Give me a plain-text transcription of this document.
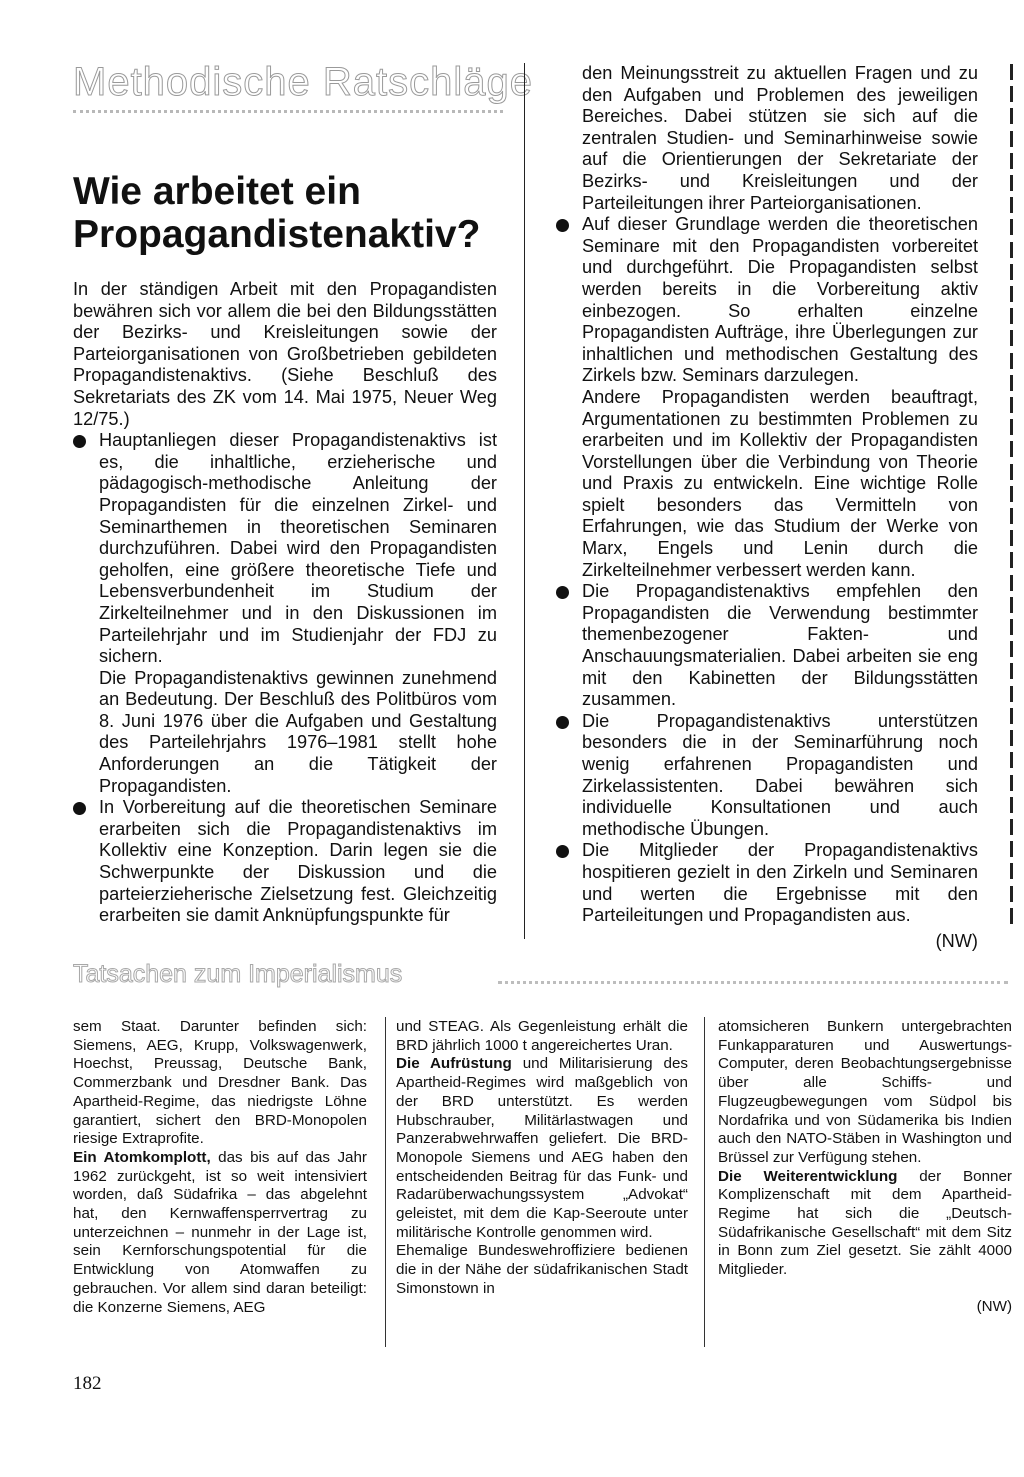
Methodische Ratschläge
Wie arbeitet ein Propagandistenaktiv?

In der ständigen Arbeit mit den Propagandisten bewähren sich vor allem die bei den Bildungsstätten der Bezirks- und Kreisleitungen sowie der Parteiorganisationen von Großbetrieben gebildeten Propagandistenaktivs. (Siehe Beschluß des Sekretariats des ZK vom 14. Mai 1975, Neuer Weg 12/75.)

Hauptanliegen dieser Propagandistenaktivs ist es, die inhaltliche, erzieherische und pädagogisch-methodische Anleitung der Propagandisten für die einzelnen Zirkel- und Seminarthemen in theoretischen Seminaren durchzuführen. Dabei wird den Propagandisten geholfen, eine größere theoretische Tiefe und Lebensverbundenheit im Studium der Zirkelteilnehmer und in den Diskussionen im Parteilehrjahr und im Studienjahr der FDJ zu sichern.

Die Propagandistenaktivs gewinnen zunehmend an Bedeutung. Der Beschluß des Politbüros vom 8. Juni 1976 über die Aufgaben und Gestaltung des Parteilehrjahrs 1976–1981 stellt hohe Anforderungen an die Tätigkeit der Propagandisten.

In Vorbereitung auf die theoretischen Seminare erarbeiten sich die Propagandistenaktivs im Kollektiv eine Konzeption. Darin legen sie die Schwerpunkte der Diskussion und die parteierzieherische Zielsetzung fest. Gleichzeitig erarbeiten sie damit Anknüpfungspunkte für

den Meinungsstreit zu aktuellen Fragen und zu den Aufgaben und Problemen des jeweiligen Bereiches. Dabei stützen sie sich auf die zentralen Studien- und Seminarhinweise sowie auf die Orientierungen der Sekretariate der Bezirks- und Kreisleitungen und der Parteileitungen ihrer Parteiorganisationen.

Auf dieser Grundlage werden die theoretischen Seminare mit den Propagandisten vorbereitet und durchgeführt. Die Propagandisten selbst werden bereits in die Vorbereitung aktiv einbezogen. So erhalten einzelne Propagandisten Aufträge, ihre Überlegungen zur inhaltlichen und methodischen Gestaltung des Zirkels bzw. Seminars darzulegen.

Andere Propagandisten werden beauftragt, Argumentationen zu bestimmten Problemen zu erarbeiten und im Kollektiv der Propagandisten Vorstellungen über die Verbindung von Theorie und Praxis zu entwickeln. Eine wichtige Rolle spielt besonders das Vermitteln von Erfahrungen, wie das Studium der Werke von Marx, Engels und Lenin durch die Zirkelteilnehmer verbessert werden kann.

Die Propagandistenaktivs empfehlen den Propagandisten die Verwendung bestimmter themenbezogener Fakten- und Anschauungsmaterialien. Dabei arbeiten sie eng mit den Kabinetten der Bildungsstätten zusammen.

Die Propagandistenaktivs unterstützen besonders die in der Seminarführung noch wenig erfahrenen Propagandisten und Zirkelassistenten. Dabei bewähren sich individuelle Konsultationen und auch methodische Übungen.

Die Mitglieder der Propagandistenaktivs hospitieren gezielt in den Zirkeln und Seminaren und werten die Ergebnisse mit den Parteileitungen und Propagandisten aus.

(NW)
Tatsachen zum Imperialismus

sem Staat. Darunter befinden sich: Siemens, AEG, Krupp, Volkswagenwerk, Hoechst, Preussag, Deutsche Bank, Commerzbank und Dresdner Bank. Das Apartheid-Regime, das niedrigste Löhne garantiert, sichert den BRD-Monopolen riesige Extraprofite.

Ein Atomkomplott, das bis auf das Jahr 1962 zurückgeht, ist so weit intensiviert worden, daß Südafrika – das abgelehnt hat, den Kernwaffensperrvertrag zu unterzeichnen – nunmehr in der Lage ist, sein Kernforschungspotential für die Entwicklung von Atomwaffen zu gebrauchen. Vor allem sind daran beteiligt: die Konzerne Siemens, AEG

und STEAG. Als Gegenleistung erhält die BRD jährlich 1000 t angereichertes Uran.

Die Aufrüstung und Militarisierung des Apartheid-Regimes wird maßgeblich von der BRD unterstützt. Es werden Hubschrauber, Militärlastwagen und Panzerabwehrwaffen geliefert. Die BRD-Monopole Siemens und AEG haben den entscheidenden Beitrag für das Funk- und Radarüberwachungssystem „Advokat“ geleistet, mit dem die Kap-Seeroute unter militärische Kontrolle genommen wird.

Ehemalige Bundeswehroffiziere bedienen die in der Nähe der südafrikanischen Stadt Simonstown in

atomsicheren Bunkern untergebrachten Funkapparaturen und Auswertungs-Computer, deren Beobachtungsergebnisse über alle Schiffs- und Flugzeugbewegungen vom Südpol bis Nordafrika und von Südamerika bis Indien auch den NATO-Stäben in Washington und Brüssel zur Verfügung stehen.

Die Weiterentwicklung der Bonner Komplizenschaft mit dem Apartheid-Regime hat sich die „Deutsch-Südafrikanische Gesellschaft“ mit dem Sitz in Bonn zum Ziel gesetzt. Sie zählt 4000 Mitglieder.

(NW)
182
